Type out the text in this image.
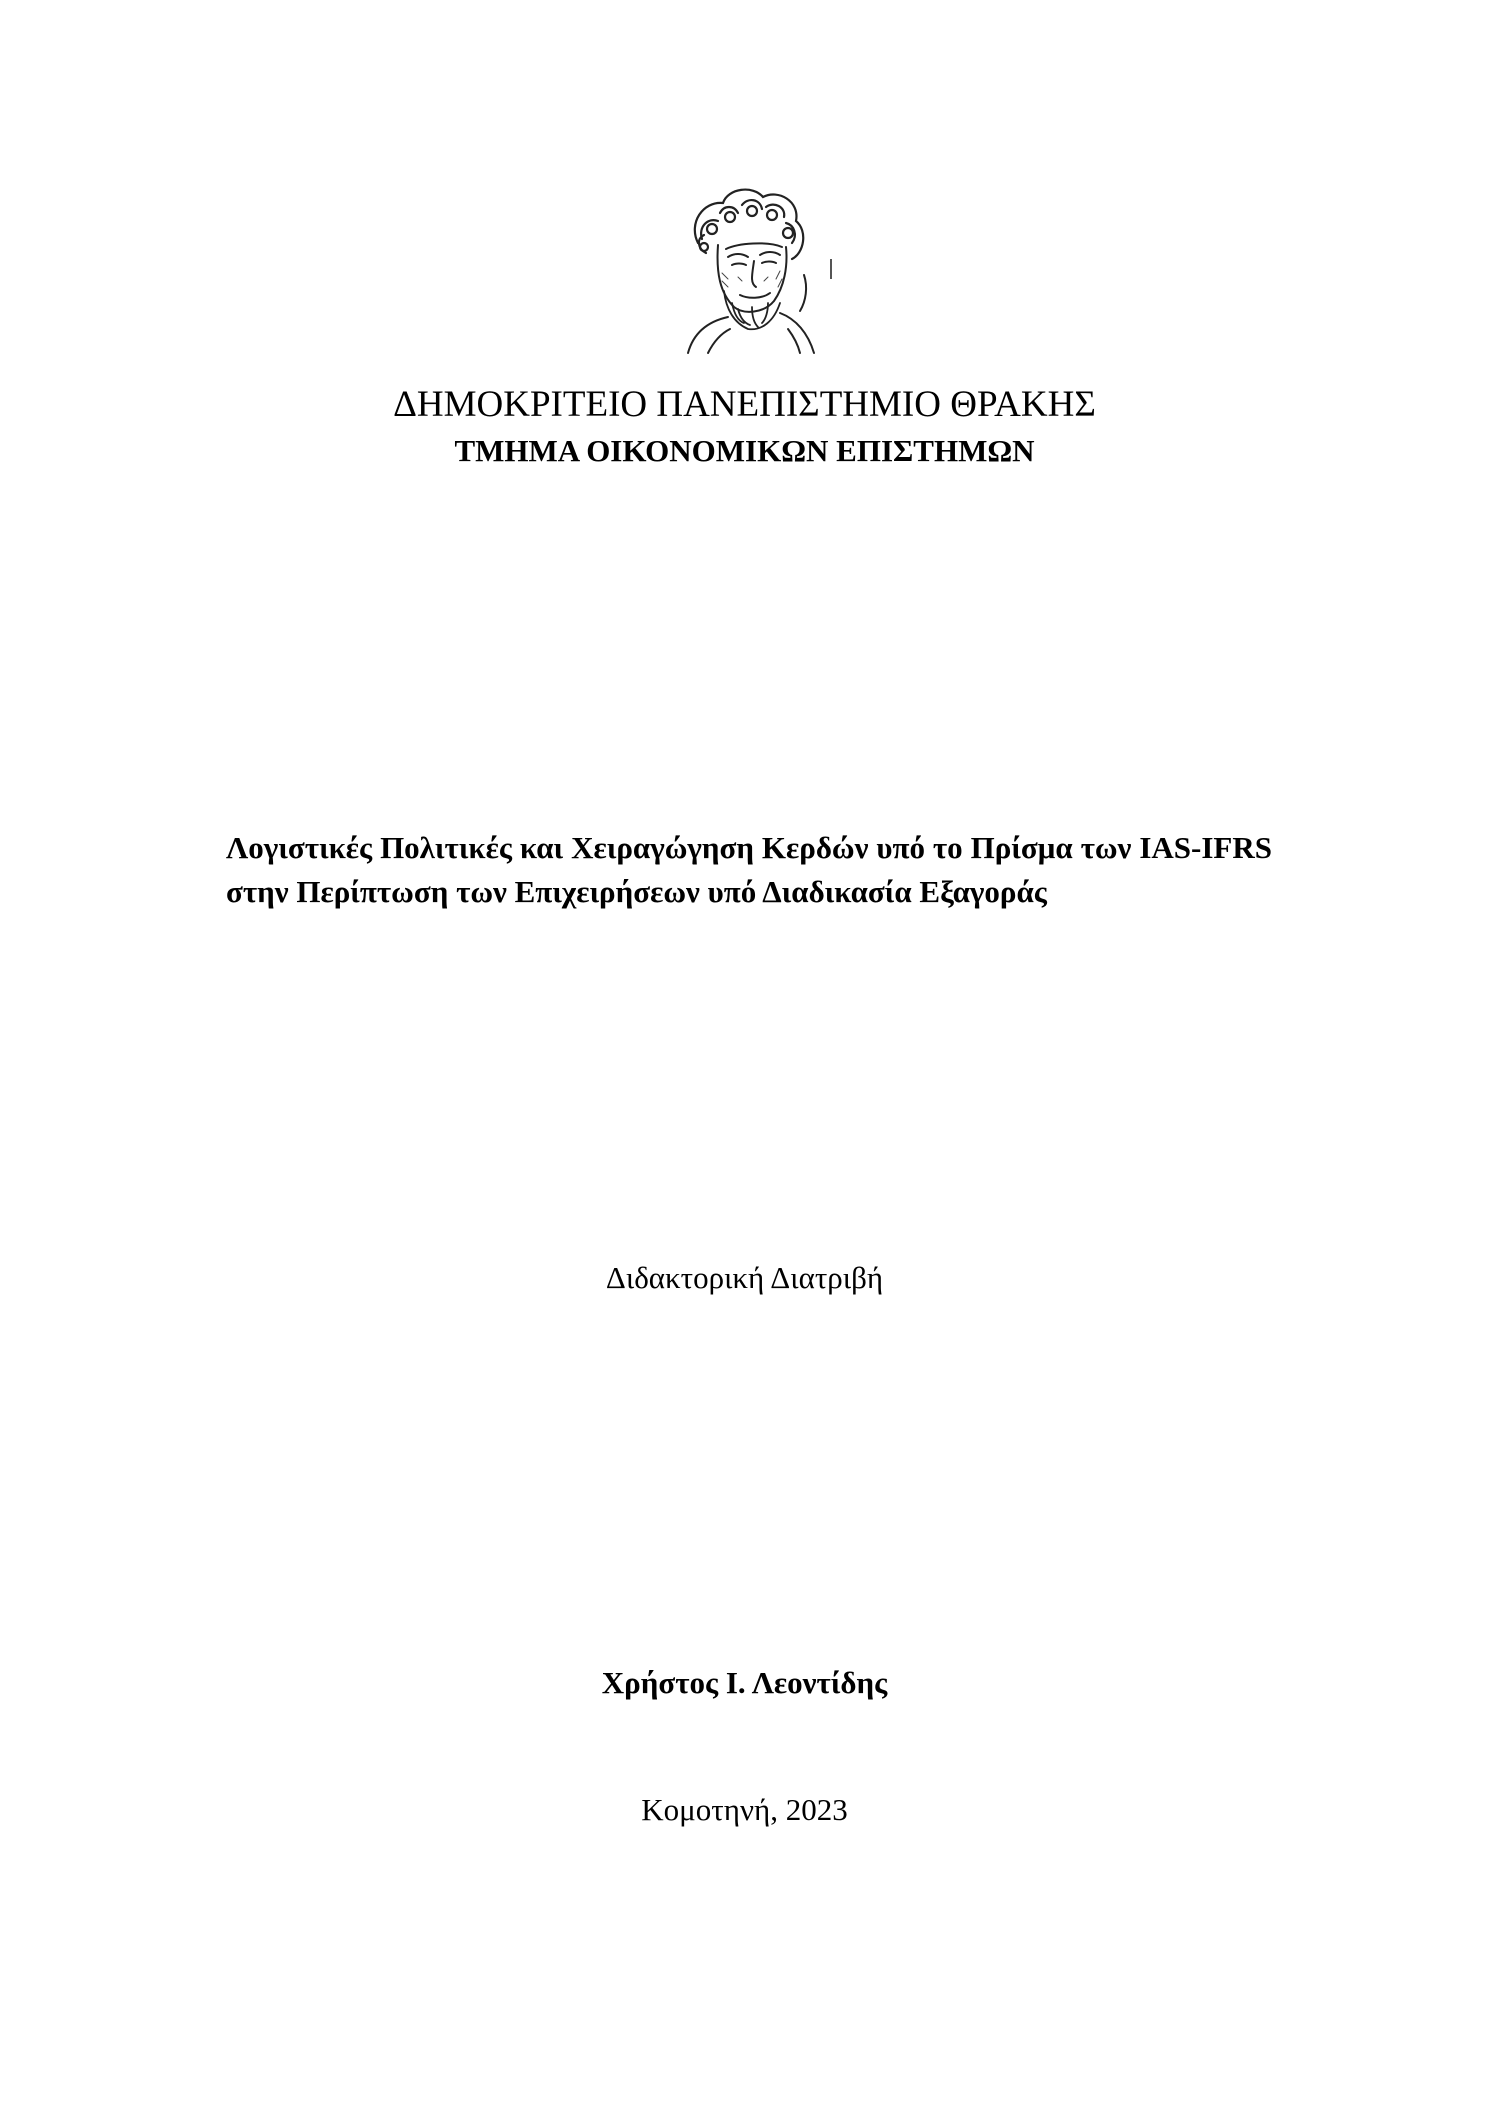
ΔΗΜΟΚΡΙΤΕΙΟ ΠΑΝΕΠΙΣΤΗΜΙΟ ΘΡΑΚΗΣ
ΤΜΗΜΑ ΟΙΚΟΝΟΜΙΚΩΝ ΕΠΙΣΤΗΜΩΝ
Λογιστικές Πολιτικές και Χειραγώγηση Κερδών υπό το Πρίσμα των IAS-IFRS στην Περίπτωση των Επιχειρήσεων υπό Διαδικασία Εξαγοράς
Διδακτορική Διατριβή
Χρήστος Ι. Λεοντίδης
Κομοτηνή, 2023
